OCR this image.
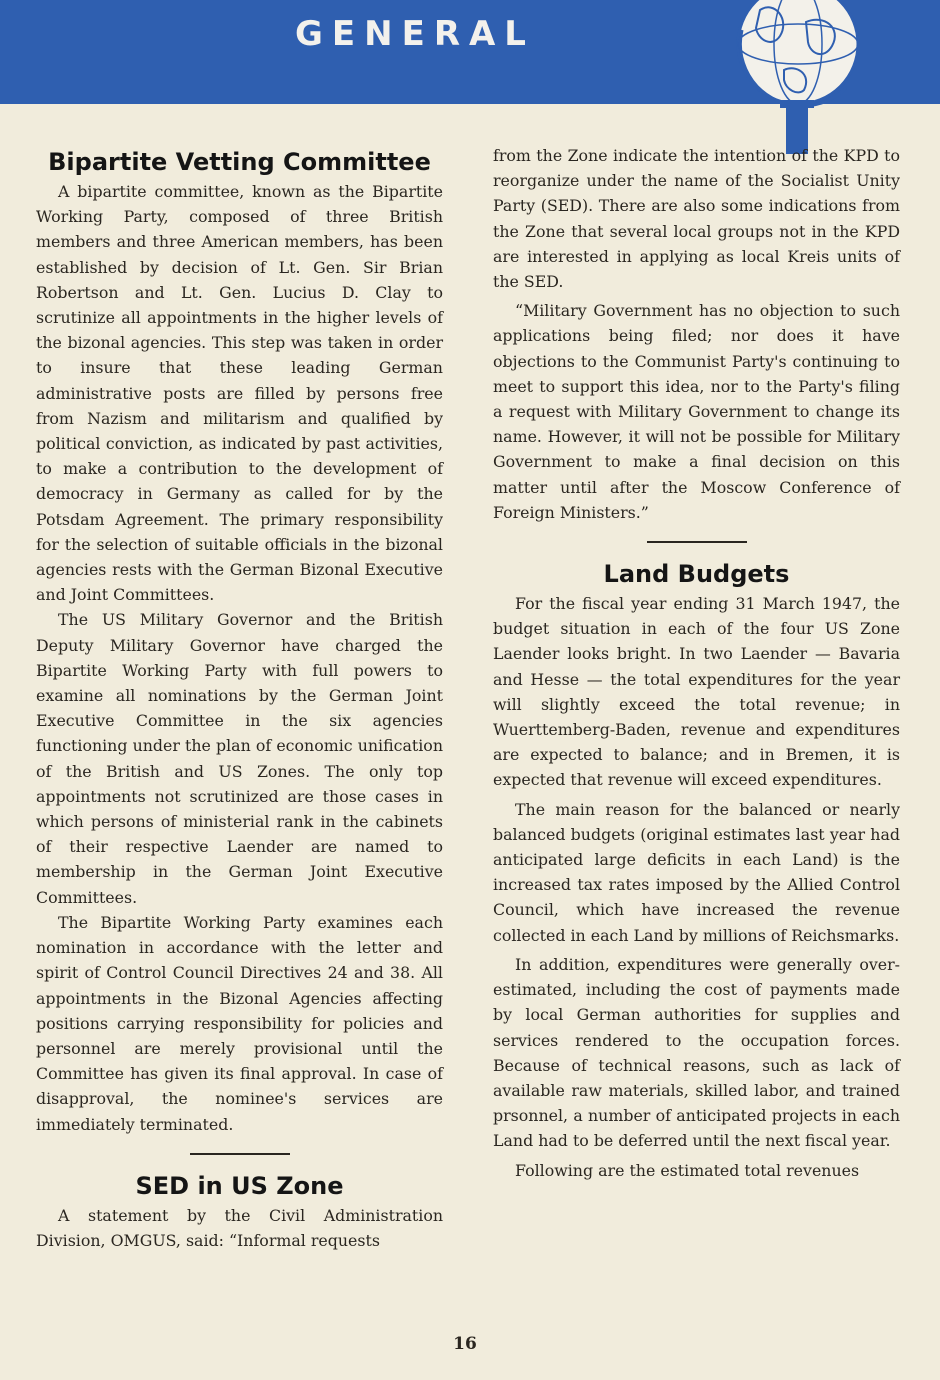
GENERAL
Bipartite Vetting Committee

A bipartite committee, known as the Bipartite Working Party, composed of three British members and three American members, has been established by decision of Lt. Gen. Sir Brian Robertson and Lt. Gen. Lucius D. Clay to scrutinize all appointments in the higher levels of the bizonal agencies. This step was taken in order to insure that these leading German administrative posts are filled by persons free from Nazism and militarism and qualified by political conviction, as indicated by past activities, to make a contribution to the development of democracy in Germany as called for by the Potsdam Agreement. The primary responsibility for the selection of suitable officials in the bizonal agencies rests with the German Bizonal Executive and Joint Committees.

The US Military Governor and the British Deputy Military Governor have charged the Bipartite Working Party with full powers to examine all nominations by the German Joint Executive Committee in the six agencies functioning under the plan of economic unification of the British and US Zones. The only top appointments not scrutinized are those cases in which persons of ministerial rank in the cabinets of their respective Laender are named to membership in the German Joint Executive Committees.

The Bipartite Working Party examines each nomination in accordance with the letter and spirit of Control Council Directives 24 and 38. All appointments in the Bizonal Agencies affecting positions carrying responsibility for policies and personnel are merely provisional until the Committee has given its final approval. In case of disapproval, the nominee's services are immediately terminated.

SED in US Zone

A statement by the Civil Administration Division, OMGUS, said: “Informal requests

from the Zone indicate the intention of the KPD to reorganize under the name of the Socialist Unity Party (SED). There are also some indications from the Zone that several local groups not in the KPD are interested in applying as local Kreis units of the SED.

“Military Government has no objection to such applications being filed; nor does it have objections to the Communist Party's continuing to meet to support this idea, nor to the Party's filing a request with Military Government to change its name. However, it will not be possible for Military Government to make a final decision on this matter until after the Moscow Conference of Foreign Ministers.”

Land Budgets

For the fiscal year ending 31 March 1947, the budget situation in each of the four US Zone Laender looks bright. In two Laender — Bavaria and Hesse — the total expenditures for the year will slightly exceed the total revenue; in Wuerttemberg-Baden, revenue and expenditures are expected to balance; and in Bremen, it is expected that revenue will exceed expenditures.

The main reason for the balanced or nearly balanced budgets (original estimates last year had anticipated large deficits in each Land) is the increased tax rates imposed by the Allied Control Council, which have increased the revenue collected in each Land by millions of Reichsmarks.

In addition, expenditures were generally over-estimated, including the cost of payments made by local German authorities for supplies and services rendered to the occupation forces. Because of technical reasons, such as lack of available raw materials, skilled labor, and trained prsonnel, a number of anticipated projects in each Land had to be deferred until the next fiscal year.

Following are the estimated total revenues

16
